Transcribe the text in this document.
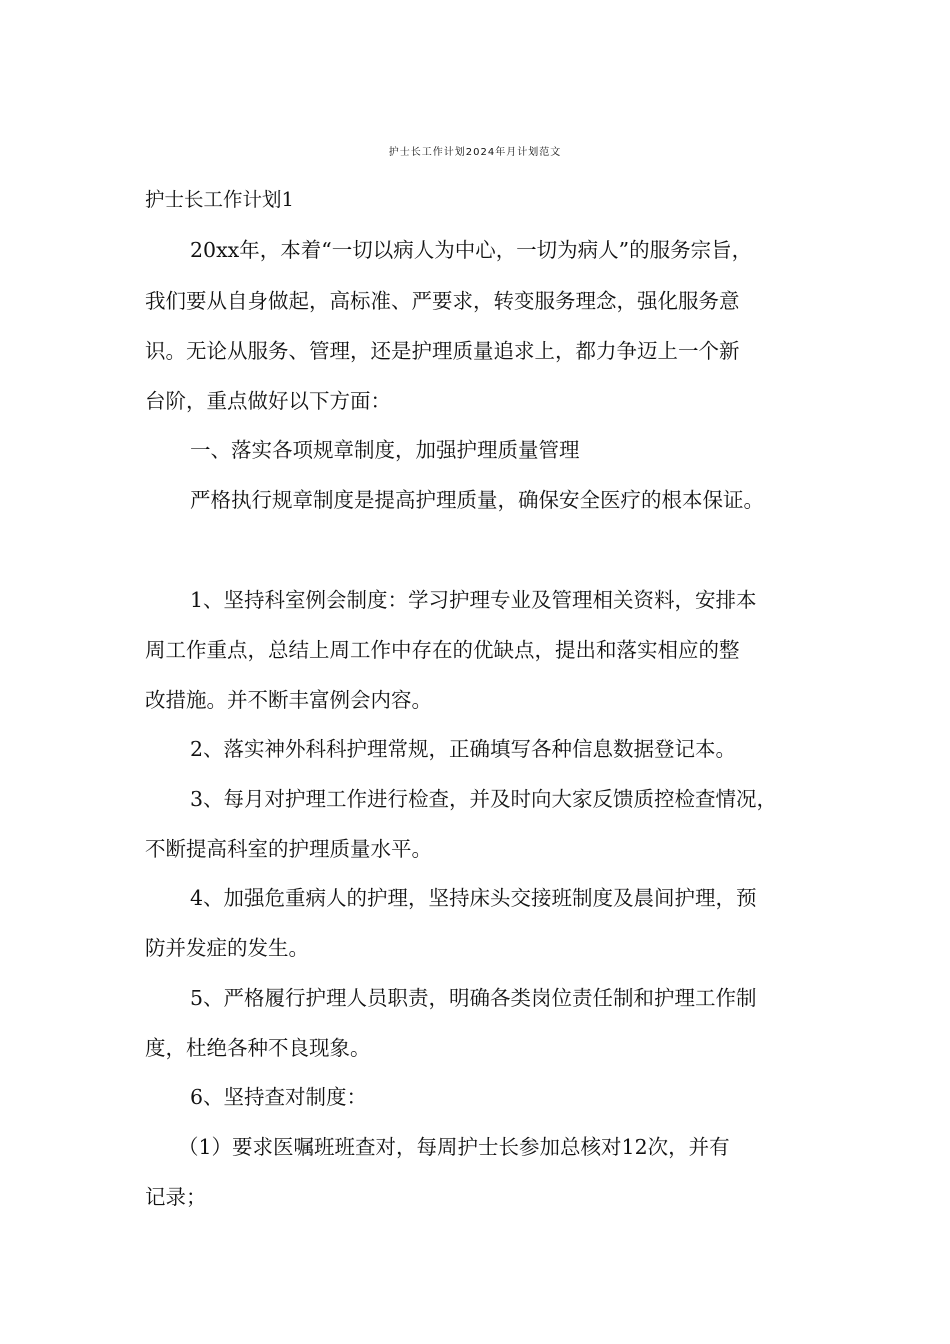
护士长工作计划2024年月计划范文
护士长工作计划1
20xx年，本着“一切以病人为中心，一切为病人”的服务宗旨，
我们要从自身做起，高标准、严要求，转变服务理念，强化服务意
识。无论从服务、管理，还是护理质量追求上，都力争迈上一个新
台阶，重点做好以下方面：
一、落实各项规章制度，加强护理质量管理
严格执行规章制度是提高护理质量，确保安全医疗的根本保证。
1、坚持科室例会制度：学习护理专业及管理相关资料，安排本
周工作重点，总结上周工作中存在的优缺点，提出和落实相应的整
改措施。并不断丰富例会内容。
2、落实神外科科护理常规，正确填写各种信息数据登记本。
3、每月对护理工作进行检查，并及时向大家反馈质控检查情况，
不断提高科室的护理质量水平。
4、加强危重病人的护理，坚持床头交接班制度及晨间护理，预
防并发症的发生。
5、严格履行护理人员职责，明确各类岗位责任制和护理工作制
度，杜绝各种不良现象。
6、坚持查对制度：
（1）要求医嘱班班查对，每周护士长参加总核对12次，并有
记录；
